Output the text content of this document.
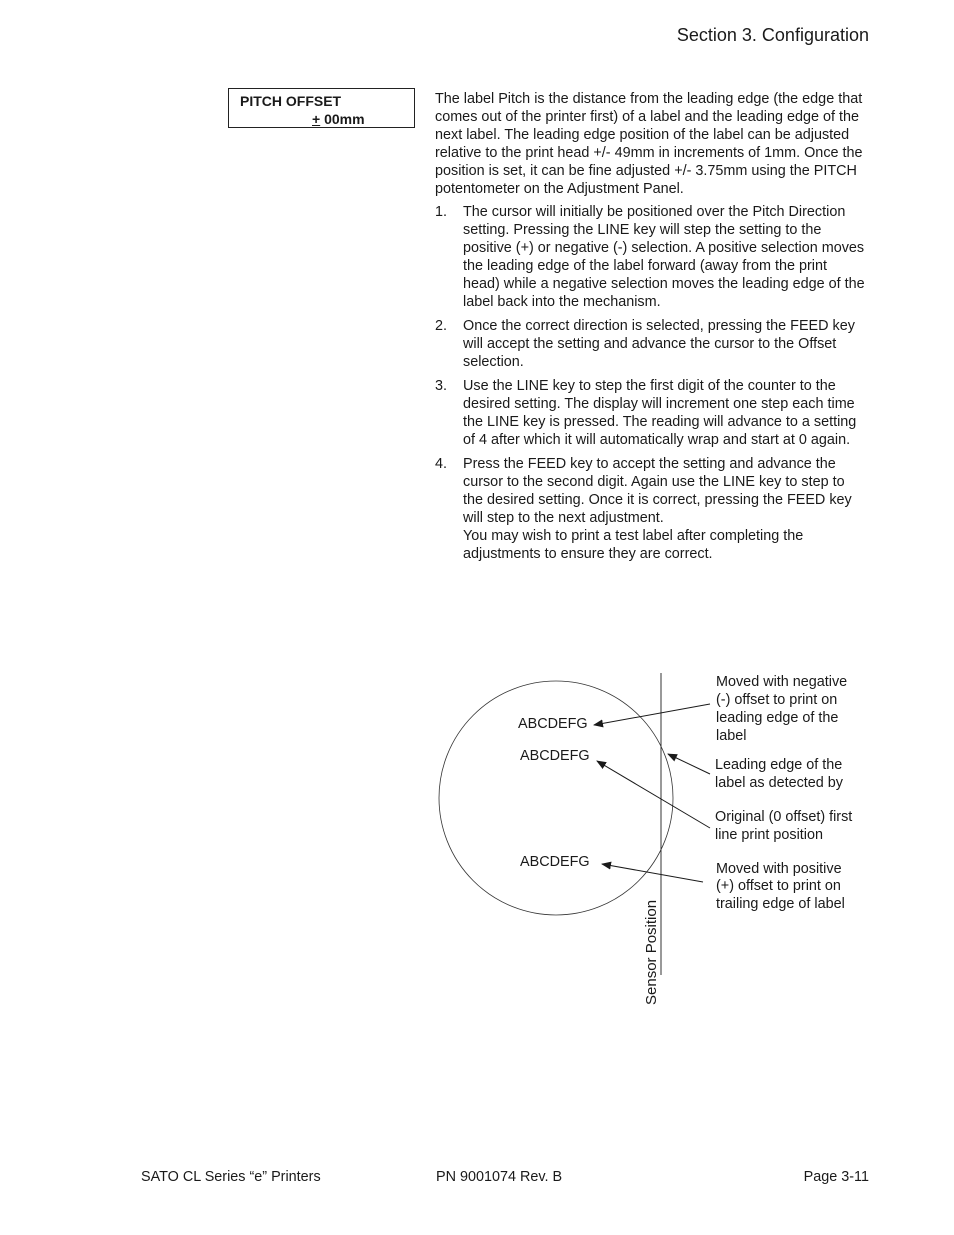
Section 3. Configuration
PITCH OFFSET
+ 00mm

The label Pitch is the distance from the leading edge (the edge that comes out of the printer first) of a label and the leading edge of the next label. The leading edge position of the label can be adjusted relative to the print head +/- 49mm in increments of 1mm. Once the position is set, it can be fine adjusted +/- 3.75mm using the PITCH potentometer on the Adjustment Panel.

1. The cursor will initially be positioned over the Pitch Direction setting. Pressing the LINE key will step the setting to the positive (+) or negative (-) selection. A positive selection moves the leading edge of the label forward (away from the print head) while a negative selection moves the leading edge of the label back into the mechanism.
2. Once the correct direction is selected, pressing the FEED key will accept the setting and advance the cursor to the Offset selection.
3. Use the LINE key to step the first digit of the counter to the desired setting. The display will increment one step each time the LINE key is pressed. The reading will advance to a setting of 4 after which it will automatically wrap and start at 0 again.
4. Press the FEED key to accept the setting and advance the cursor to the second digit. Again use the LINE key to step to the desired setting. Once it is correct, pressing the FEED key will step to the next adjustment.
You may wish to print a test label after completing the adjustments to ensure they are correct.
Sensor Position
ABCDEFG
ABCDEFG
ABCDEFG
Moved with negative
(-) offset to print on
leading edge of the
label
Leading edge of the
label as detected by
Original (0 offset) first
line print position
Moved with positive
(+) offset to print on
trailing edge of label
SATO CL Series “e” Printers	PN 9001074 Rev. B	Page 3-11
